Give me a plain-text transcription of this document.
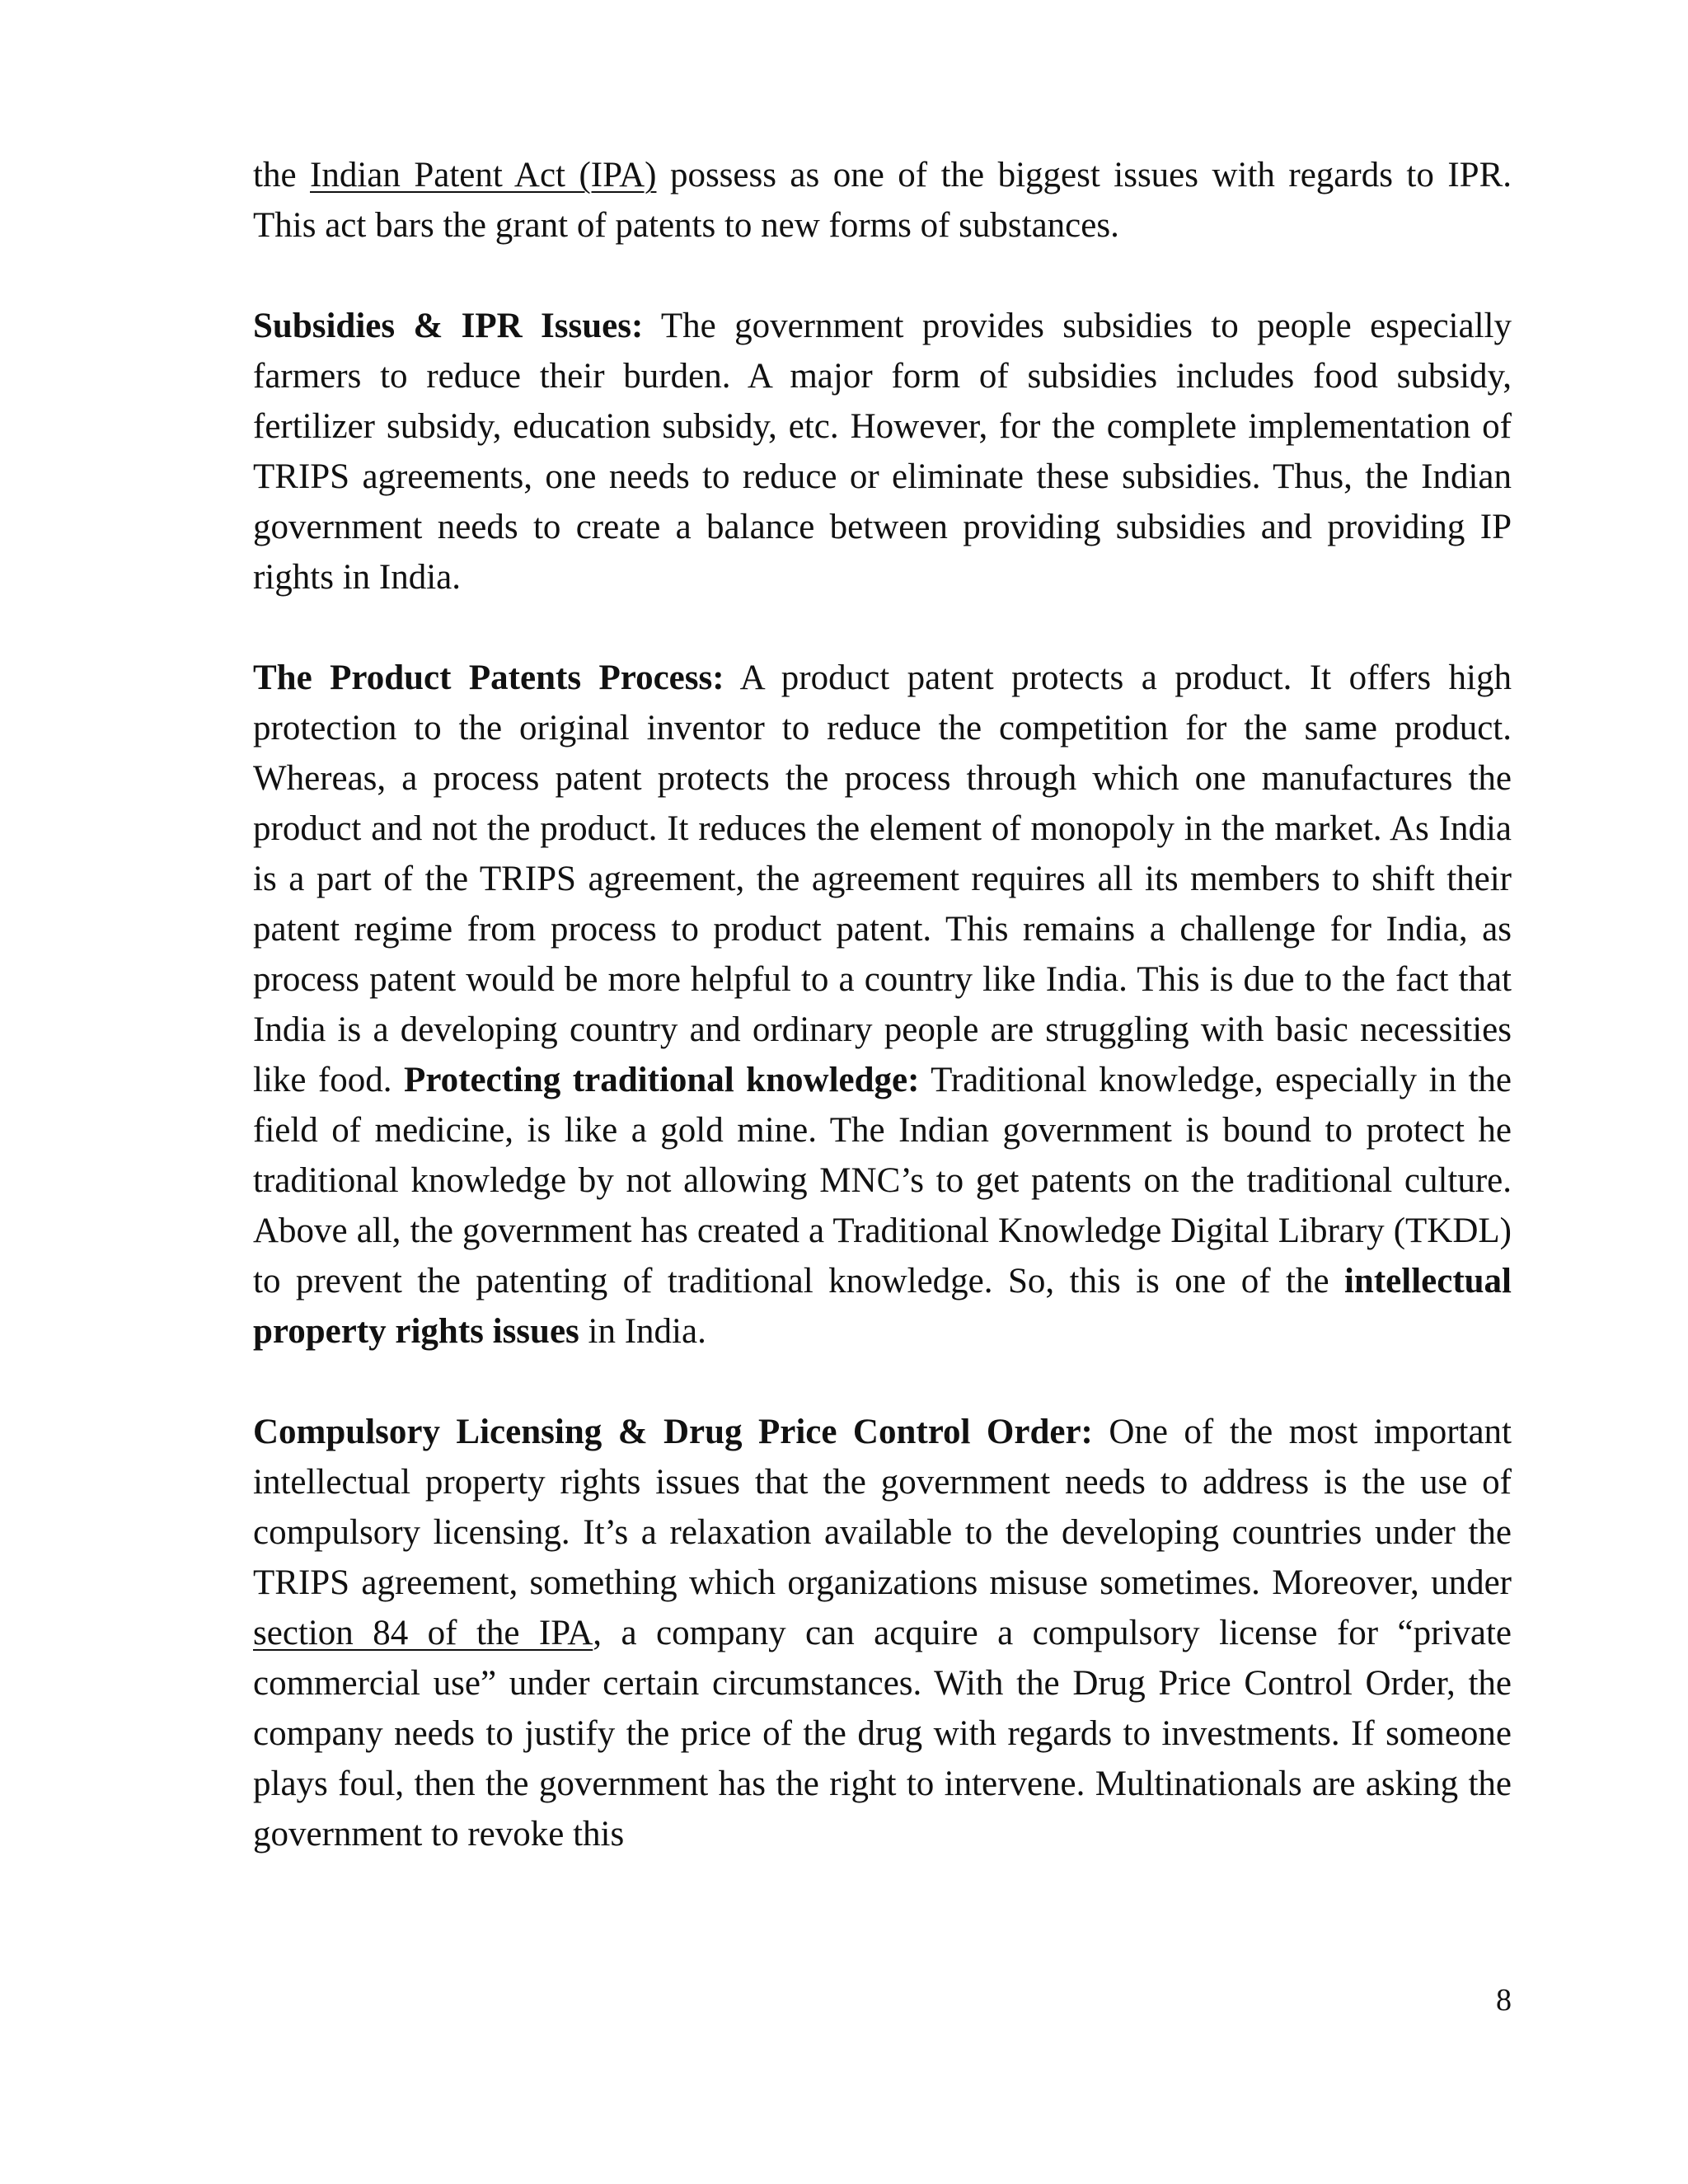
the Indian Patent Act (IPA) possess as one of the biggest issues with regards to IPR. This act bars the grant of patents to new forms of substances.

Subsidies & IPR Issues: The government provides subsidies to people especially farmers to reduce their burden. A major form of subsidies includes food subsidy, fertilizer subsidy, education subsidy, etc. However, for the complete implementation of TRIPS agreements, one needs to reduce or eliminate these subsidies. Thus, the Indian government needs to create a balance between providing subsidies and providing IP rights in India.

The Product Patents Process: A product patent protects a product. It offers high protection to the original inventor to reduce the competition for the same product. Whereas, a process patent protects the process through which one manufactures the product and not the product. It reduces the element of monopoly in the market. As India is a part of the TRIPS agreement, the agreement requires all its members to shift their patent regime from process to product patent. This remains a challenge for India, as process patent would be more helpful to a country like India. This is due to the fact that India is a developing country and ordinary people are struggling with basic necessities like food. Protecting traditional knowledge: Traditional knowledge, especially in the field of medicine, is like a gold mine. The Indian government is bound to protect he traditional knowledge by not allowing MNC’s to get patents on the traditional culture. Above all, the government has created a Traditional Knowledge Digital Library (TKDL) to prevent the patenting of traditional knowledge. So, this is one of the intellectual property rights issues in India.

Compulsory Licensing & Drug Price Control Order: One of the most important intellectual property rights issues that the government needs to address is the use of compulsory licensing. It’s a relaxation available to the developing countries under the TRIPS agreement, something which organizations misuse sometimes. Moreover, under section 84 of the IPA, a company can acquire a compulsory license for “private commercial use” under certain circumstances. With the Drug Price Control Order, the company needs to justify the price of the drug with regards to investments. If someone plays foul, then the government has the right to intervene. Multinationals are asking the government to revoke this

8
